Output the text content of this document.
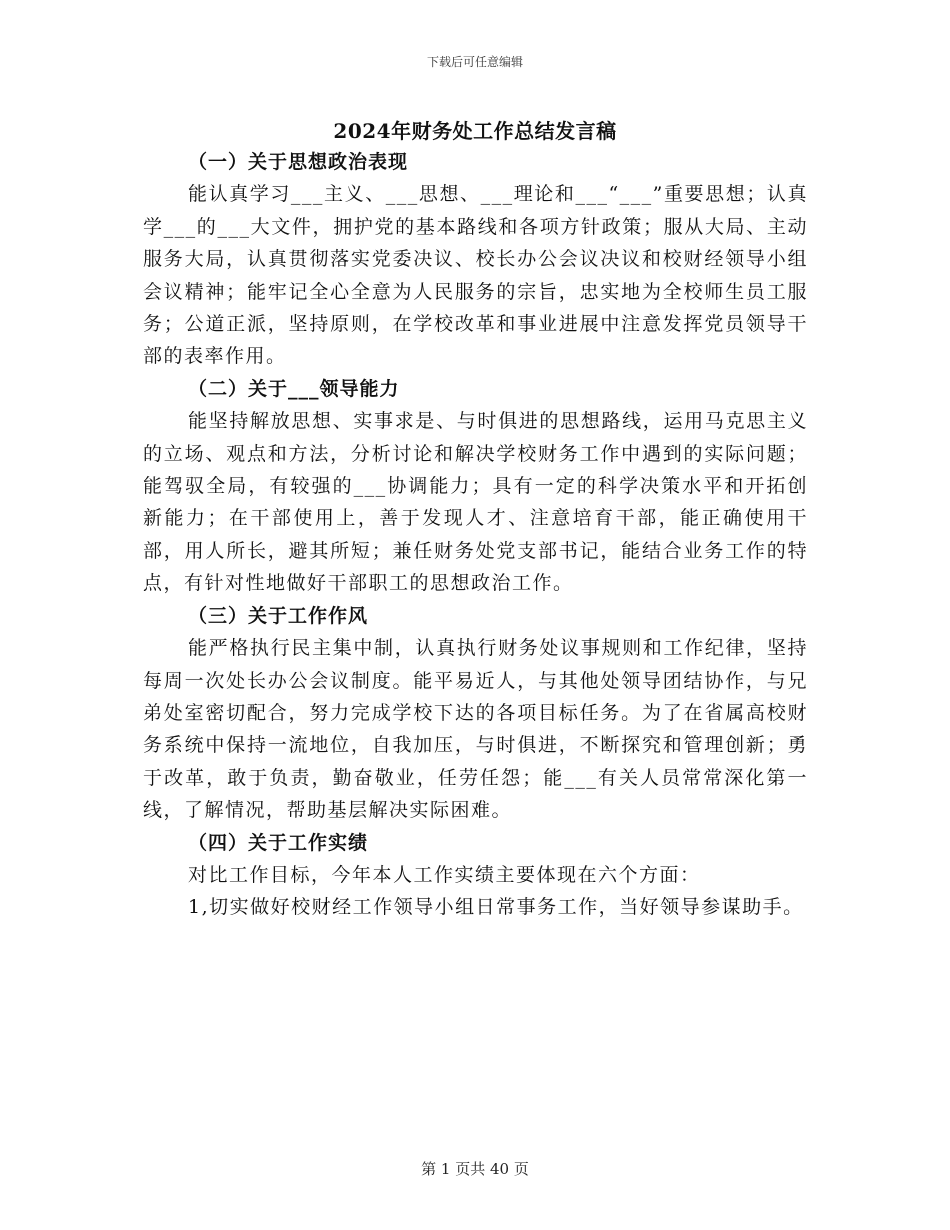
下载后可任意编辑
2024年财务处工作总结发言稿
（一）关于思想政治表现

能认真学习___主义、___思想、___理论和___“___”重要思想；认真学___的___大文件，拥护党的基本路线和各项方针政策；服从大局、主动服务大局，认真贯彻落实党委决议、校长办公会议决议和校财经领导小组会议精神；能牢记全心全意为人民服务的宗旨，忠实地为全校师生员工服务；公道正派，坚持原则，在学校改革和事业进展中注意发挥党员领导干部的表率作用。

（二）关于___领导能力

能坚持解放思想、实事求是、与时俱进的思想路线，运用马克思主义的立场、观点和方法，分析讨论和解决学校财务工作中遇到的实际问题；能驾驭全局，有较强的___协调能力；具有一定的科学决策水平和开拓创新能力；在干部使用上，善于发现人才、注意培育干部，能正确使用干部，用人所长，避其所短；兼任财务处党支部书记，能结合业务工作的特点，有针对性地做好干部职工的思想政治工作。

（三）关于工作作风

能严格执行民主集中制，认真执行财务处议事规则和工作纪律，坚持每周一次处长办公会议制度。能平易近人，与其他处领导团结协作，与兄弟处室密切配合，努力完成学校下达的各项目标任务。为了在省属高校财务系统中保持一流地位，自我加压，与时俱进，不断探究和管理创新；勇于改革，敢于负责，勤奋敬业，任劳任怨；能___有关人员常常深化第一线，了解情况，帮助基层解决实际困难。

（四）关于工作实绩

对比工作目标，今年本人工作实绩主要体现在六个方面：

1,切实做好校财经工作领导小组日常事务工作，当好领导参谋助手。

第 1 页共 40 页
